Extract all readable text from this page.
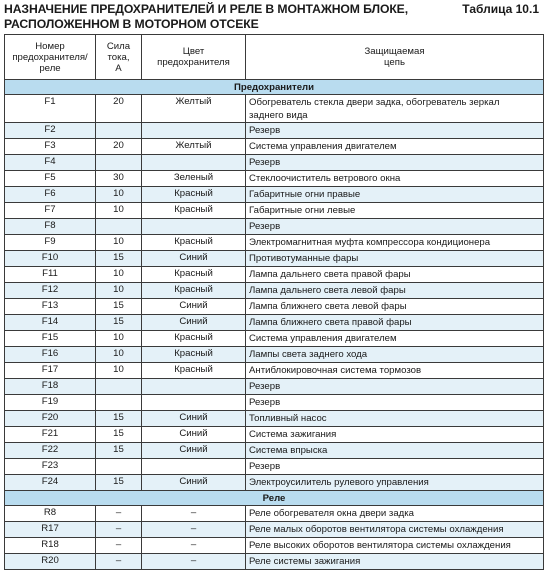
НАЗНАЧЕНИЕ ПРЕДОХРАНИТЕЛЕЙ И РЕЛЕ В МОНТАЖНОМ БЛОКЕ,
РАСПОЛОЖЕННОМ В МОТОРНОМ ОТСЕКЕ
Таблица 10.1
Номер
предохранителя/
реле	Сила
тока,
А	Цвет
предохранителя	Защищаемая
цепь

Предохранители			
F1	20	Желтый	Обогреватель стекла двери задка, обогреватель зеркал
заднего вида

F2			Резерв

F3	20	Желтый	Система управления двигателем

F4			Резерв

F5	30	Зеленый	Стеклоочиститель ветрового окна

F6	10	Красный	Габаритные огни правые

F7	10	Красный	Габаритные огни левые

F8			Резерв

F9	10	Красный	Электромагнитная муфта компрессора кондиционера

F10	15	Синий	Противотуманные фары

F11	10	Красный	Лампа дальнего света правой фары

F12	10	Красный	Лампа дальнего света левой фары

F13	15	Синий	Лампа ближнего света левой фары

F14	15	Синий	Лампа ближнего света правой фары

F15	10	Красный	Система управления двигателем

F16	10	Красный	Лампы света заднего хода

F17	10	Красный	Антиблокировочная система тормозов

F18			Резерв

F19			Резерв

F20	15	Синий	Топливный насос

F21	15	Синий	Система зажигания

F22	15	Синий	Система впрыска

F23			Резерв

F24	15	Синий	Электроусилитель рулевого управления

Реле			
R8	–	–	Реле обогревателя окна двери задка

R17	–	–	Реле малых оборотов вентилятора системы охлаждения

R18	–	–	Реле высоких оборотов вентилятора системы охлаждения

R20	–	–	Реле системы зажигания
